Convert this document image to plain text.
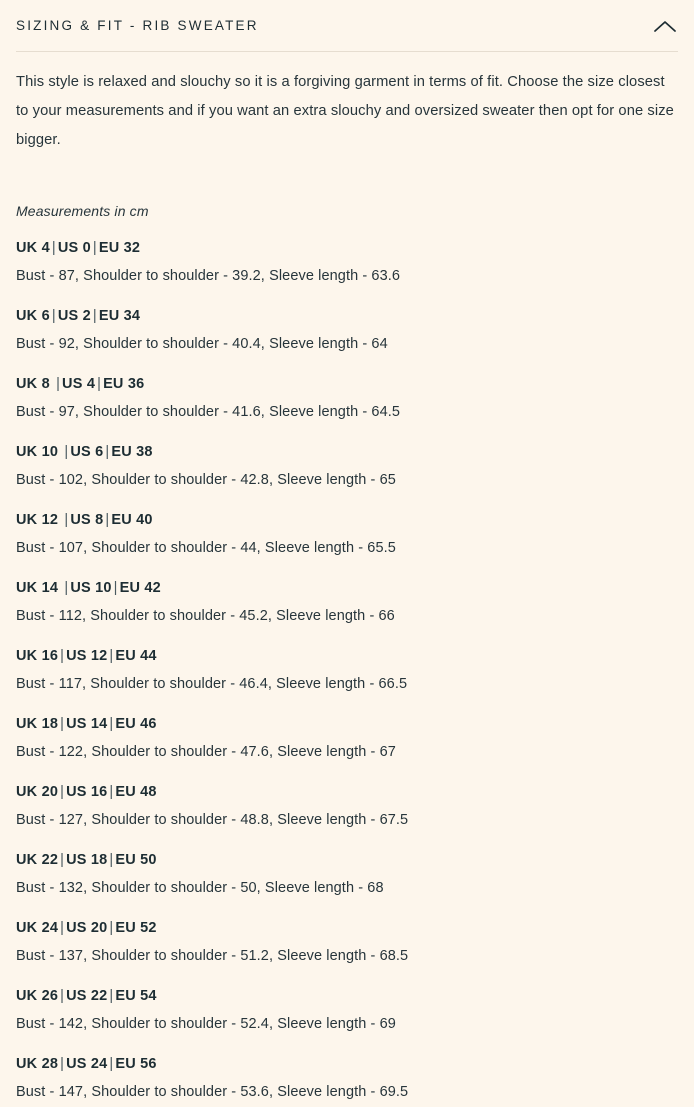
SIZING & FIT - RIB SWEATER

This style is relaxed and slouchy so it is a forgiving garment in terms of fit. Choose the size closest to your measurements and if you want an extra slouchy and oversized sweater then opt for one size bigger.

Measurements in cm
UK 4 | US 0 | EU 32
Bust - 87, Shoulder to shoulder - 39.2, Sleeve length - 63.6
UK 6 | US 2 | EU 34
Bust - 92, Shoulder to shoulder - 40.4, Sleeve length - 64
UK 8 | US 4 | EU 36
Bust - 97, Shoulder to shoulder - 41.6, Sleeve length - 64.5
UK 10 | US 6 | EU 38
Bust - 102, Shoulder to shoulder - 42.8, Sleeve length - 65
UK 12 | US 8 | EU 40
Bust - 107, Shoulder to shoulder - 44, Sleeve length - 65.5
UK 14 | US 10 | EU 42
Bust - 112, Shoulder to shoulder - 45.2, Sleeve length - 66
UK 16 | US 12 | EU 44
Bust - 117, Shoulder to shoulder - 46.4, Sleeve length - 66.5
UK 18 | US 14 | EU 46
Bust - 122, Shoulder to shoulder - 47.6, Sleeve length - 67
UK 20 | US 16 | EU 48
Bust - 127, Shoulder to shoulder - 48.8, Sleeve length - 67.5
UK 22 | US 18 | EU 50
Bust - 132, Shoulder to shoulder - 50, Sleeve length - 68
UK 24 | US 20 | EU 52
Bust - 137, Shoulder to shoulder - 51.2, Sleeve length - 68.5
UK 26 | US 22 | EU 54
Bust - 142, Shoulder to shoulder - 52.4, Sleeve length - 69
UK 28 | US 24 | EU 56
Bust - 147, Shoulder to shoulder - 53.6, Sleeve length - 69.5
